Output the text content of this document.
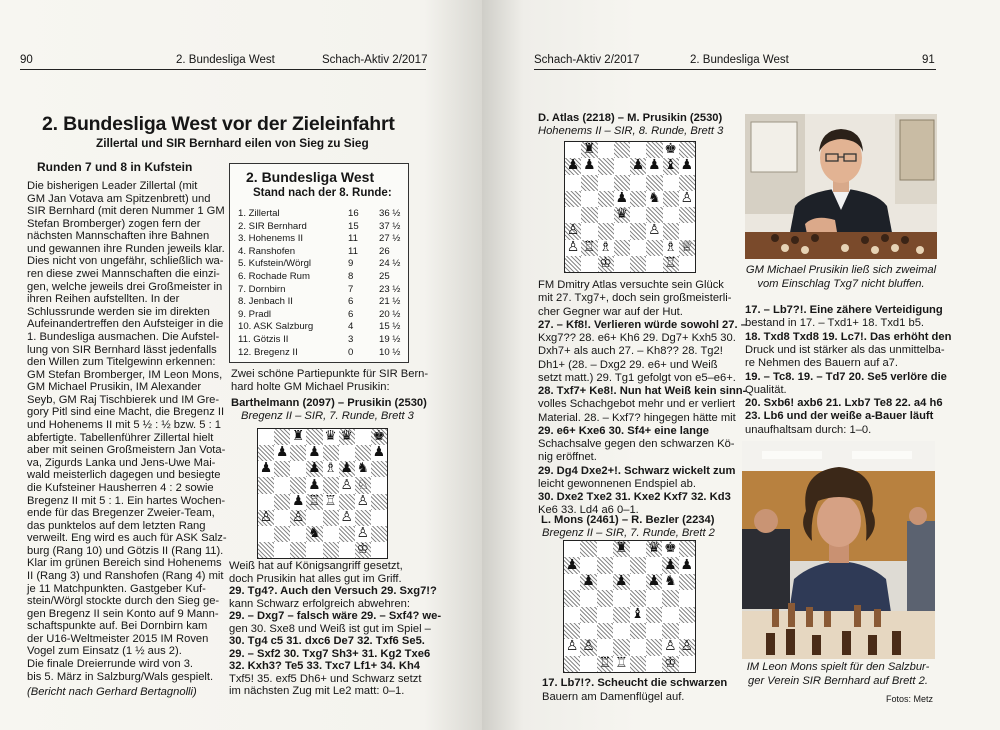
90	2. Bundesliga West	Schach-Aktiv 2/2017
2. Bundesliga West vor der Zieleinfahrt
Zillertal und SIR Bernhard eilen von Sieg zu Sieg
Runden 7 und 8 in Kufstein
Die bisherigen Leader Zillertal (mit
GM Jan Votava am Spitzenbrett) und
SIR Bernhard (mit deren Nummer 1 GM
Stefan Bromberger) zogen fern der
nächsten Mannschaften ihre Bahnen
und gewannen ihre Runden jeweils klar.
Dies nicht von ungefähr, schließlich wa-
ren diese zwei Mannschaften die einzi-
gen, welche jeweils drei Großmeister in
ihren Reihen aufstellten. In der
Schlussrunde werden sie im direkten
Aufeinandertreffen den Aufsteiger in die
1. Bundesliga ausmachen. Die Aufstel-
lung von SIR Bernhard lässt jedenfalls
den Willen zum Titelgewinn erkennen:
GM Stefan Bromberger, IM Leon Mons,
GM Michael Prusikin, IM Alexander
Seyb, GM Raj Tischbierek und IM Gre-
gory Pitl sind eine Macht, die Bregenz II
und Hohenems II mit 5 ½ : ½ bzw. 5 : 1
abfertigte. Tabellenführer Zillertal hielt
aber mit seinen Großmeistern Jan Vota-
va, Zigurds Lanka und Jens-Uwe Mai-
wald meisterlich dagegen und besiegte
die Kufsteiner Hausherren 4 : 2 sowie
Bregenz II mit 5 : 1. Ein hartes Wochen-
ende für das Bregenzer Zweier-Team,
das punktelos auf dem letzten Rang
verweilt. Eng wird es auch für ASK Salz-
burg (Rang 10) und Götzis II (Rang 11).
Klar im grünen Bereich sind Hohenems
II (Rang 3) und Ranshofen (Rang 4) mit
je 11 Matchpunkten. Gastgeber Kuf-
stein/Wörgl stockte durch den Sieg ge-
gen Bregenz II sein Konto auf 9 Mann-
schaftspunkte auf. Bei Dornbirn kam
der U16-Weltmeister 2015 IM Roven
Vogel zum Einsatz (1 ½ aus 2).
Die finale Dreierrunde wird von 3.
bis 5. März in Salzburg/Wals gespielt.
(Bericht nach Gerhard Bertagnolli)
2. Bundesliga West
Stand nach der 8. Runde:
1. Zillertal	16 36 ½
2. SIR Bernhard	15 37 ½
3. Hohenems II	11 27 ½
4. Ranshofen	11 26
5. Kufstein/Wörgl	9	24 ½
6. Rochade Rum	8	25
7. Dornbirn	7	23 ½
8. Jenbach II	6	21 ½
9. Pradl	6	20 ½
10. ASK Salzburg	4	15 ½
11. Götzis II	3	19 ½
12. Bregenz II	0	10 ½
Zwei schöne Partiepunkte für SIR Bern-
hard holte GM Michael Prusikin:
Barthelmann (2097) – Prusikin (2530)
Bregenz II – SIR, 7. Runde, Brett 3
♜ ♛ ♛ ♚
♟ ♟	♟
♟	♟ ♗ ♟ ♞
♟ ♙ ♘
♟ ♖ ♖ ♙
♙ ♙	♙
♞	♙
♔
Weiß hat auf Königsangriff gesetzt,
doch Prusikin hat alles gut im Griff.
29. Tg4?. Auch den Versuch 29. Sxg7!?
kann Schwarz erfolgreich abwehren:
29. – Dxg7 – falsch wäre 29. – Sxf4? we-
gen 30. Sxe8 und Weiß ist gut im Spiel –
30. Tg4 c5 31. dxc6 De7 32. Txf6 Se5.
29. – Sxf2 30. Txg7 Sh3+ 31. Kg2 Txe6
32. Kxh3? Te5 33. Txc7 Lf1+ 34. Kh4
Txf5! 35. exf5 Dh6+ und Schwarz setzt
im nächsten Zug mit Le2 matt: 0–1.
Schach-Aktiv 2/2017	2. Bundesliga West	91
D. Atlas (2218) – M. Prusikin (2530)
Hohenems II – SIR, 8. Runde, Brett 3
♜	♚
♟ ♟	♟ ♟ ♝ ♟
♟ ♞ ♙
♛
♙	♙
♙ ♖ ♗	♗ ♕
♔	♖
FM Dmitry Atlas versuchte sein Glück
mit 27. Txg7+, doch sein großmeisterli-
cher Gegner war auf der Hut.
27. – Kf8!. Verlieren würde sowohl 27. –
Kxg7?? 28. e6+ Kh6 29. Dg7+ Kxh5 30.
Dxh7+ als auch 27. – Kh8?? 28. Tg2!
Dh1+ (28. – Dxg2 29. e6+ und Weiß
setzt matt.) 29. Tg1 gefolgt von e5–e6+.
28. Txf7+ Ke8!. Nun hat Weiß kein sinn-
volles Schachgebot mehr und er verliert
Material. 28. – Kxf7? hingegen hätte mit
29. e6+ Kxe6 30. Sf4+ eine lange
Schachsalve gegen den schwarzen Kö-
nig eröffnet.
29. Dg4 Dxe2+!. Schwarz wickelt zum
leicht gewonnenen Endspiel ab.
30. Dxe2 Txe2 31. Kxe2 Kxf7 32. Kd3
Ke6 33. Ld4 a6 0–1.
L. Mons (2461) – R. Bezler (2234)
Bregenz II – SIR, 7. Runde, Brett 2
♜ ♛ ♚
♟	♟ ♟
♟ ♟ ♟ ♞
♝
♙ ♙	♙ ♙
♖ ♖	♔
17. Lb7!?. Scheucht die schwarzen
Bauern am Damenflügel auf.
GM Michael Prusikin ließ sich zweimal
vom Einschlag Txg7 nicht bluffen.
17. – Lb7?!. Eine zähere Verteidigung
bestand in 17. – Txd1+ 18. Txd1 b5.
18. Txd8 Txd8 19. Lc7!. Das erhöht den
Druck und ist stärker als das unmittelba-
re Nehmen des Bauern auf a7.
19. – Tc8. 19. – Td7 20. Se5 verlöre die
Qualität.
20. Sxb6! axb6 21. Lxb7 Te8 22. a4 h6
23. Lb6 und der weiße a-Bauer läuft
unaufhaltsam durch: 1–0.
IM Leon Mons spielt für den Salzbur-
ger Verein SIR Bernhard auf Brett 2.
Fotos: Metz
